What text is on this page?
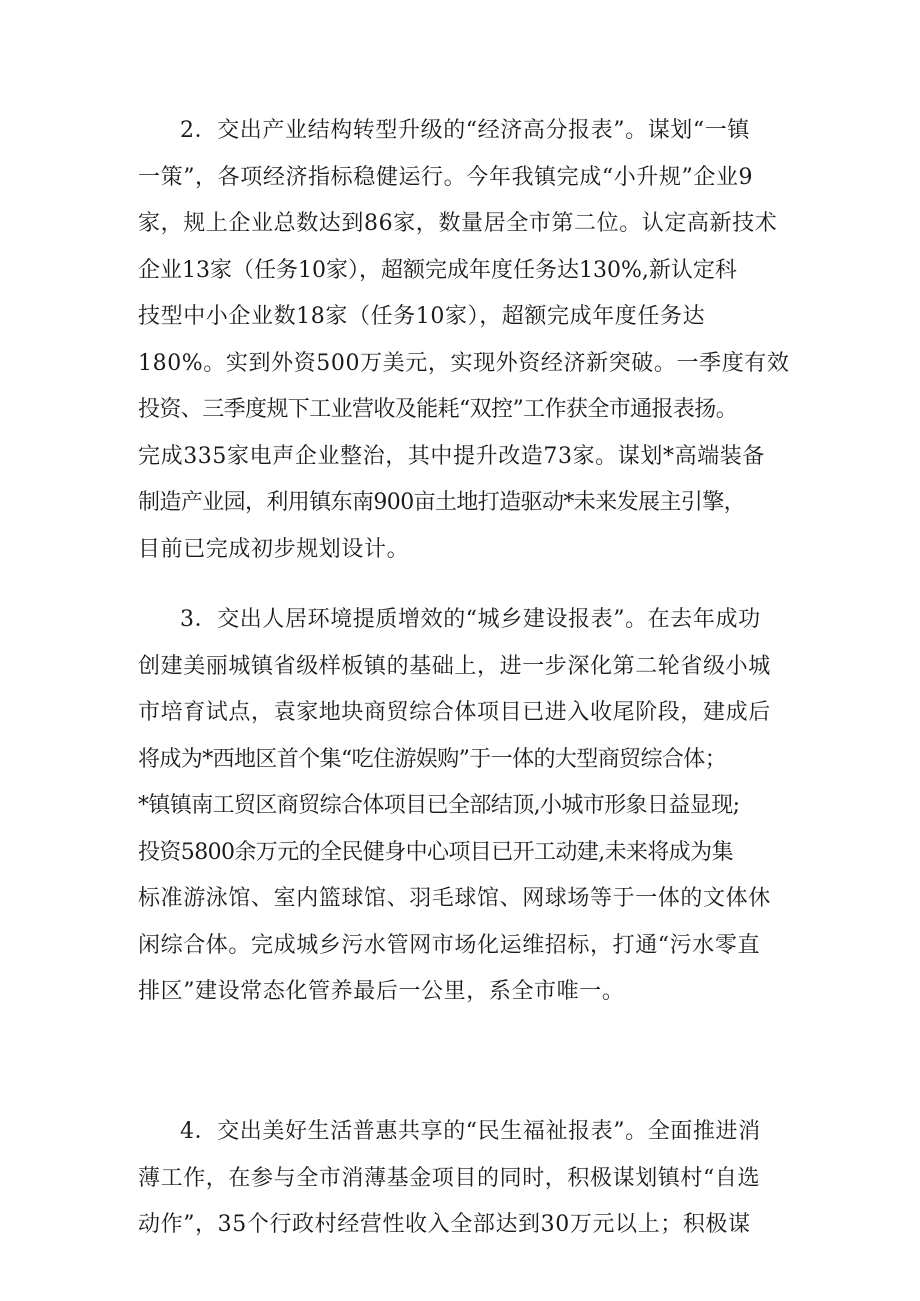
2．交出产业结构转型升级的“经济高分报表”。谋划“一镇
一策”，各项经济指标稳健运行。今年我镇完成“小升规”企业9
家，规上企业总数达到86家，数量居全市第二位。认定高新技术
企业13家（任务10家），超额完成年度任务达130%,新认定科
技型中小企业数18家（任务10家），超额完成年度任务达
180%。实到外资500万美元，实现外资经济新突破。一季度有效
投资、三季度规下工业营收及能耗“双控”工作获全市通报表扬。
完成335家电声企业整治，其中提升改造73家。谋划*高端装备
制造产业园，利用镇东南900亩土地打造驱动*未来发展主引擎，
目前已完成初步规划设计。
3．交出人居环境提质增效的“城乡建设报表”。在去年成功
创建美丽城镇省级样板镇的基础上，进一步深化第二轮省级小城
市培育试点，袁家地块商贸综合体项目已进入收尾阶段，建成后
将成为*西地区首个集“吃住游娱购”于一体的大型商贸综合体；
*镇镇南工贸区商贸综合体项目已全部结顶,小城市形象日益显现;
投资5800余万元的全民健身中心项目已开工动建,未来将成为集
标准游泳馆、室内篮球馆、羽毛球馆、网球场等于一体的文体休
闲综合体。完成城乡污水管网市场化运维招标，打通“污水零直
排区”建设常态化管养最后一公里，系全市唯一。
4．交出美好生活普惠共享的“民生福祉报表”。全面推进消
薄工作，在参与全市消薄基金项目的同时，积极谋划镇村“自选
动作”，35个行政村经营性收入全部达到30万元以上；积极谋
